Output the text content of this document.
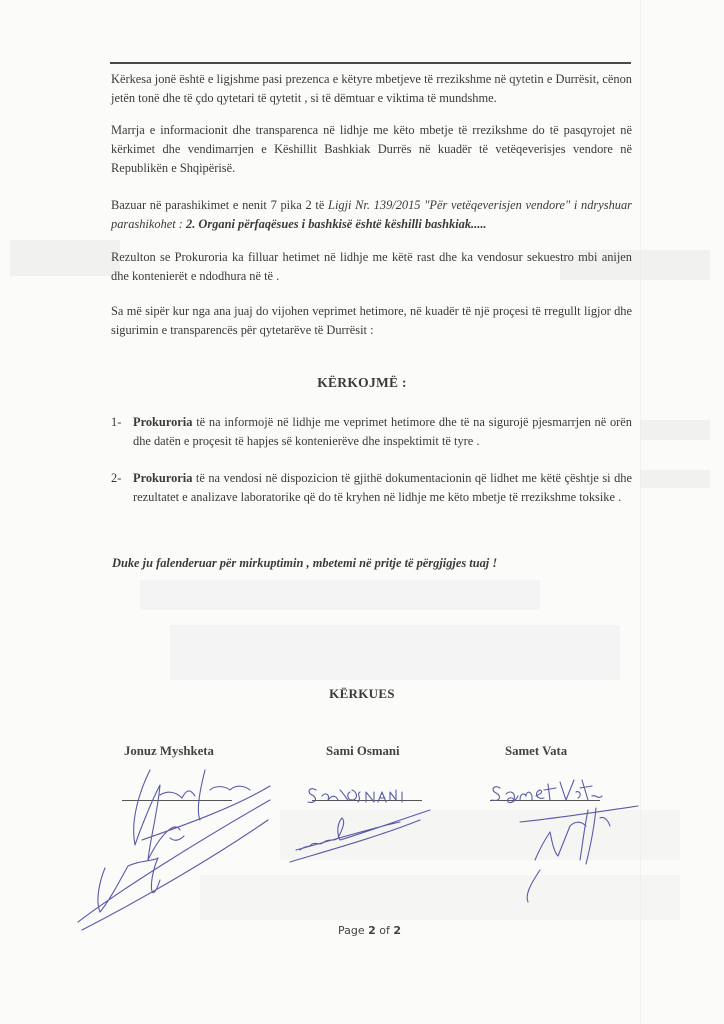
Kërkesa jonë është e ligjshme pasi prezenca e këtyre mbetjeve të rrezikshme në qytetin e Durrësit, cënon jetën tonë dhe të çdo qytetari të qytetit , si të dëmtuar e viktima të mundshme.

Marrja e informacionit dhe transparenca në lidhje me këto mbetje të rrezikshme do të pasqyrojet në kërkimet dhe vendimarrjen e Këshillit Bashkiak Durrës në kuadër të vetëqeverisjes vendore në Republikën e Shqipërisë.

Bazuar në parashikimet e nenit 7 pika 2 të Ligji Nr. 139/2015 "Për vetëqeverisjen vendore" i ndryshuar parashikohet : 2. Organi përfaqësues i bashkisë është këshilli bashkiak.....

Rezulton se Prokuroria ka filluar hetimet në lidhje me këtë rast dhe ka vendosur sekuestro mbi anijen dhe kontenierët e ndodhura në të .

Sa më sipër kur nga ana juaj do vijohen veprimet hetimore, në kuadër të një proçesi të rregullt ligjor dhe sigurimin e transparencës për qytetarëve të Durrësit :

KËRKOJMË :
1- Prokuroria të na informojë në lidhje me veprimet hetimore dhe të na sigurojë pjesmarrjen në orën dhe datën e proçesit të hapjes së kontenierëve dhe inspektimit të tyre .
2- Prokuroria të na vendosi në dispozicion të gjithë dokumentacionin që lidhet me këtë çështje si dhe rezultatet e analizave laboratorike që do të kryhen në lidhje me këto mbetje të rrezikshme toksike .
Duke ju falenderuar për mirkuptimin , mbetemi në pritje të përgjigjes tuaj !
KËRKUES
Jonuz Myshketa	Sami Osmani	Samet Vata
Page 2 of 2
